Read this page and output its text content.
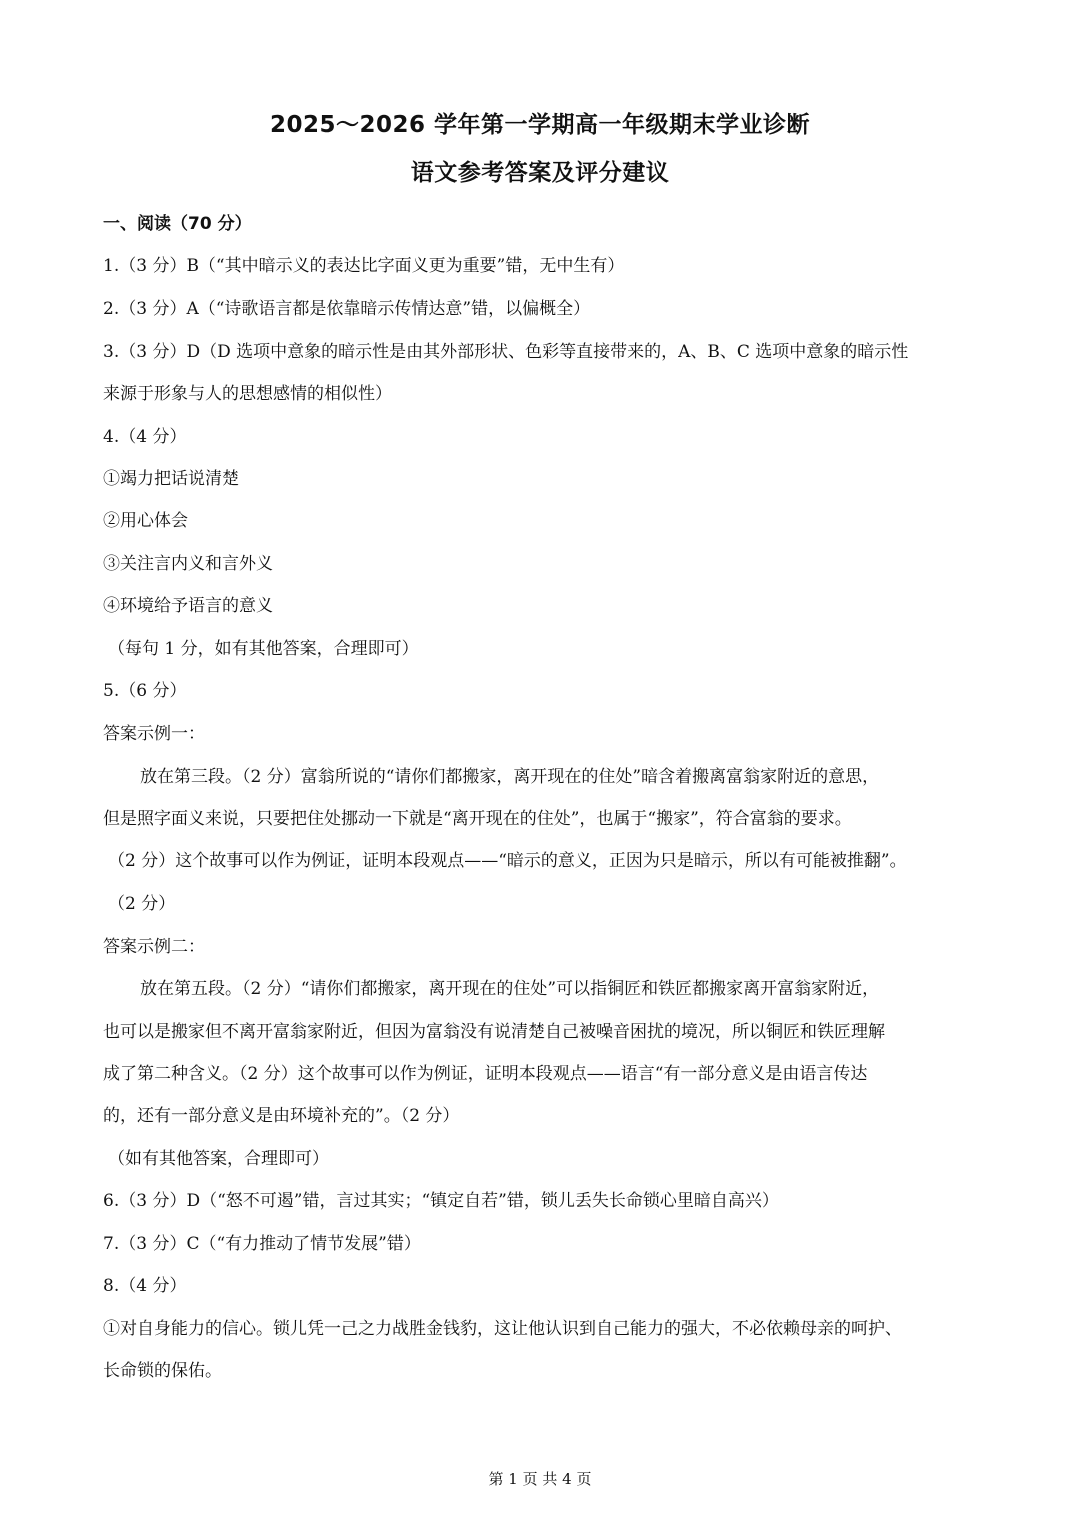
2025～2026 学年第一学期高一年级期末学业诊断
语文参考答案及评分建议
一、阅读（70 分）
1.（3 分）B（“其中暗示义的表达比字面义更为重要”错，无中生有）
2.（3 分）A（“诗歌语言都是依靠暗示传情达意”错，以偏概全）
3.（3 分）D（D 选项中意象的暗示性是由其外部形状、色彩等直接带来的，A、B、C 选项中意象的暗示性
来源于形象与人的思想感情的相似性）
4.（4 分）
①竭力把话说清楚
②用心体会
③关注言内义和言外义
④环境给予语言的意义
（每句 1 分，如有其他答案，合理即可）
5.（6 分）
答案示例一：
放在第三段。（2 分）富翁所说的“请你们都搬家，离开现在的住处”暗含着搬离富翁家附近的意思，
但是照字面义来说，只要把住处挪动一下就是“离开现在的住处”，也属于“搬家”，符合富翁的要求。
（2 分）这个故事可以作为例证，证明本段观点——“暗示的意义，正因为只是暗示，所以有可能被推翻”。
（2 分）
答案示例二：
放在第五段。（2 分）“请你们都搬家，离开现在的住处”可以指铜匠和铁匠都搬家离开富翁家附近，
也可以是搬家但不离开富翁家附近，但因为富翁没有说清楚自己被噪音困扰的境况，所以铜匠和铁匠理解
成了第二种含义。（2 分）这个故事可以作为例证，证明本段观点——语言“有一部分意义是由语言传达
的，还有一部分意义是由环境补充的”。（2 分）
（如有其他答案，合理即可）
6.（3 分）D（“怒不可遏”错，言过其实；“镇定自若”错，锁儿丢失长命锁心里暗自高兴）
7.（3 分）C（“有力推动了情节发展”错）
8.（4 分）
①对自身能力的信心。锁儿凭一己之力战胜金钱豹，这让他认识到自己能力的强大，不必依赖母亲的呵护、
长命锁的保佑。
第 1 页 共 4 页
